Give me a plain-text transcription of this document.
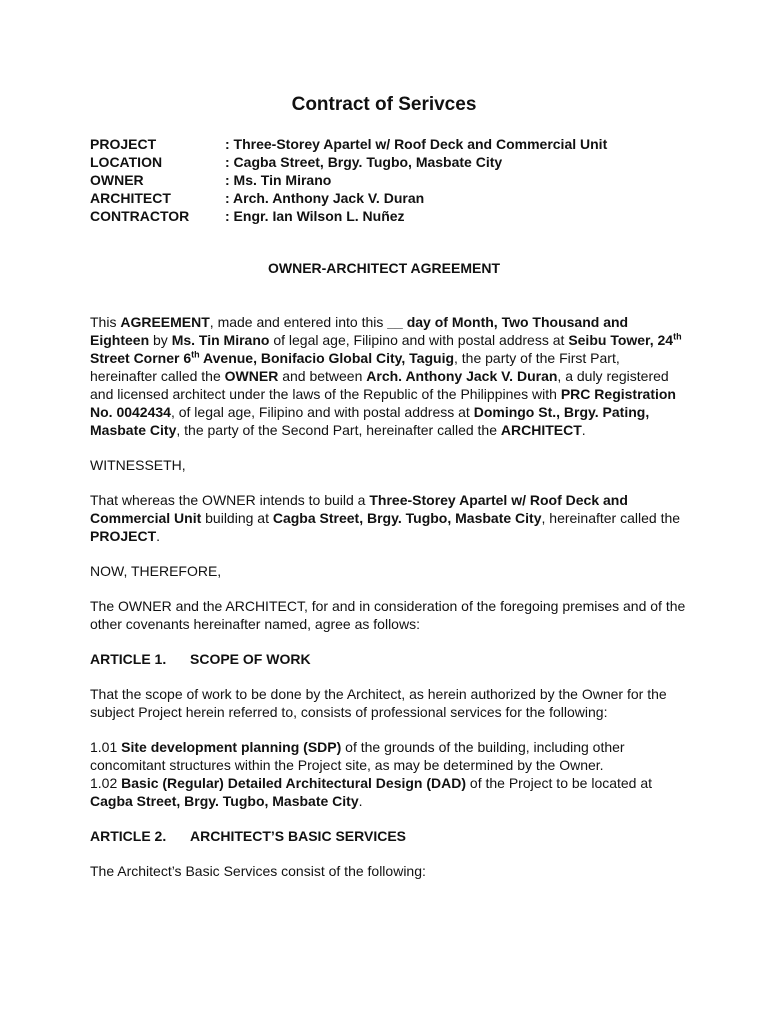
Contract of Serivces
PROJECT	: Three-Storey Apartel w/ Roof Deck and Commercial Unit
LOCATION	: Cagba Street, Brgy. Tugbo, Masbate City
OWNER	: Ms. Tin Mirano
ARCHITECT	: Arch. Anthony Jack V. Duran
CONTRACTOR	: Engr. Ian Wilson L. Nuñez
OWNER-ARCHITECT AGREEMENT

This AGREEMENT, made and entered into this __ day of Month, Two Thousand and Eighteen by Ms. Tin Mirano of legal age, Filipino and with postal address at Seibu Tower, 24th Street Corner 6th Avenue, Bonifacio Global City, Taguig, the party of the First Part, hereinafter called the OWNER and between Arch. Anthony Jack V. Duran, a duly registered and licensed architect under the laws of the Republic of the Philippines with PRC Registration No. 0042434, of legal age, Filipino and with postal address at Domingo St., Brgy. Pating, Masbate City, the party of the Second Part, hereinafter called the ARCHITECT.

WITNESSETH,

That whereas the OWNER intends to build a Three-Storey Apartel w/ Roof Deck and Commercial Unit building at Cagba Street, Brgy. Tugbo, Masbate City, hereinafter called the PROJECT.

NOW, THEREFORE,

The OWNER and the ARCHITECT, for and in consideration of the foregoing premises and of the other covenants hereinafter named, agree as follows:

ARTICLE 1. SCOPE OF WORK

That the scope of work to be done by the Architect, as herein authorized by the Owner for the subject Project herein referred to, consists of professional services for the following:

1.01 Site development planning (SDP) of the grounds of the building, including other concomitant structures within the Project site, as may be determined by the Owner.

1.02 Basic (Regular) Detailed Architectural Design (DAD) of the Project to be located at Cagba Street, Brgy. Tugbo, Masbate City.

ARTICLE 2. ARCHITECT’S BASIC SERVICES

The Architect’s Basic Services consist of the following:
